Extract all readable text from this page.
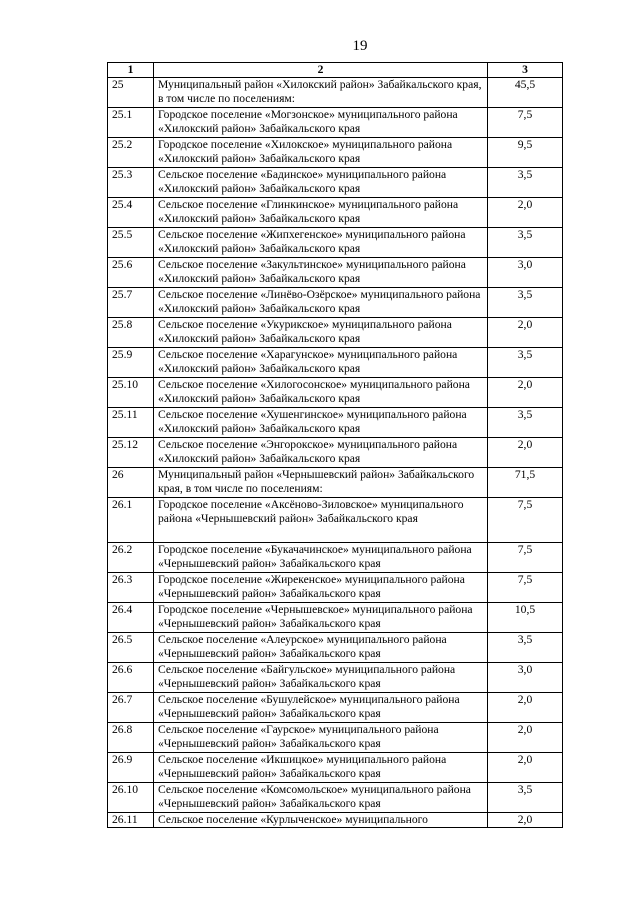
19
1	2	3
25	Муниципальный район «Хилокский район» Забайкальского края, в том числе по поселениям:	45,5
25.1	Городское поселение «Могзонское» муниципального района «Хилокский район» Забайкальского края	7,5
25.2	Городское поселение «Хилокское» муниципального района «Хилокский район» Забайкальского края	9,5
25.3	Сельское поселение «Бадинское» муниципального района «Хилокский район» Забайкальского края	3,5
25.4	Сельское поселение «Глинкинское» муниципального района «Хилокский район» Забайкальского края	2,0
25.5	Сельское поселение «Жипхегенское» муниципального района «Хилокский район» Забайкальского края	3,5
25.6	Сельское поселение «Закультинское» муниципального района «Хилокский район» Забайкальского края	3,0
25.7	Сельское поселение «Линёво-Озёрское» муниципального района «Хилокский район» Забайкальского края	3,5
25.8	Сельское поселение «Укурикское» муниципального района «Хилокский район» Забайкальского края	2,0
25.9	Сельское поселение «Харагунское» муниципального района «Хилокский район» Забайкальского края	3,5
25.10	Сельское поселение «Хилогосонское» муниципального района «Хилокский район» Забайкальского края	2,0
25.11	Сельское поселение «Хушенгинское» муниципального района «Хилокский район» Забайкальского края	3,5
25.12	Сельское поселение «Энгорокское» муниципального района «Хилокский район» Забайкальского края	2,0
26	Муниципальный район «Чернышевский район» Забайкальского края, в том числе по поселениям:	71,5
26.1	Городское поселение «Аксёново-Зиловское» муниципального района «Чернышевский район» Забайкальского края	7,5
26.2	Городское поселение «Букачачинское» муниципального района «Чернышевский район» Забайкальского края	7,5
26.3	Городское поселение «Жирекенское» муниципального района «Чернышевский район» Забайкальского края	7,5
26.4	Городское поселение «Чернышевское» муниципального района «Чернышевский район» Забайкальского края	10,5
26.5	Сельское поселение «Алеурское» муниципального района «Чернышевский район» Забайкальского края	3,5
26.6	Сельское поселение «Байгульское» муниципального района «Чернышевский район» Забайкальского края	3,0
26.7	Сельское поселение «Бушулейское» муниципального района «Чернышевский район» Забайкальского края	2,0
26.8	Сельское поселение «Гаурское» муниципального района «Чернышевский район» Забайкальского края	2,0
26.9	Сельское поселение «Икшицкое» муниципального района «Чернышевский район» Забайкальского края	2,0
26.10	Сельское поселение «Комсомольское» муниципального района «Чернышевский район» Забайкальского края	3,5
26.11	Сельское поселение «Курлыченское» муниципального	2,0
